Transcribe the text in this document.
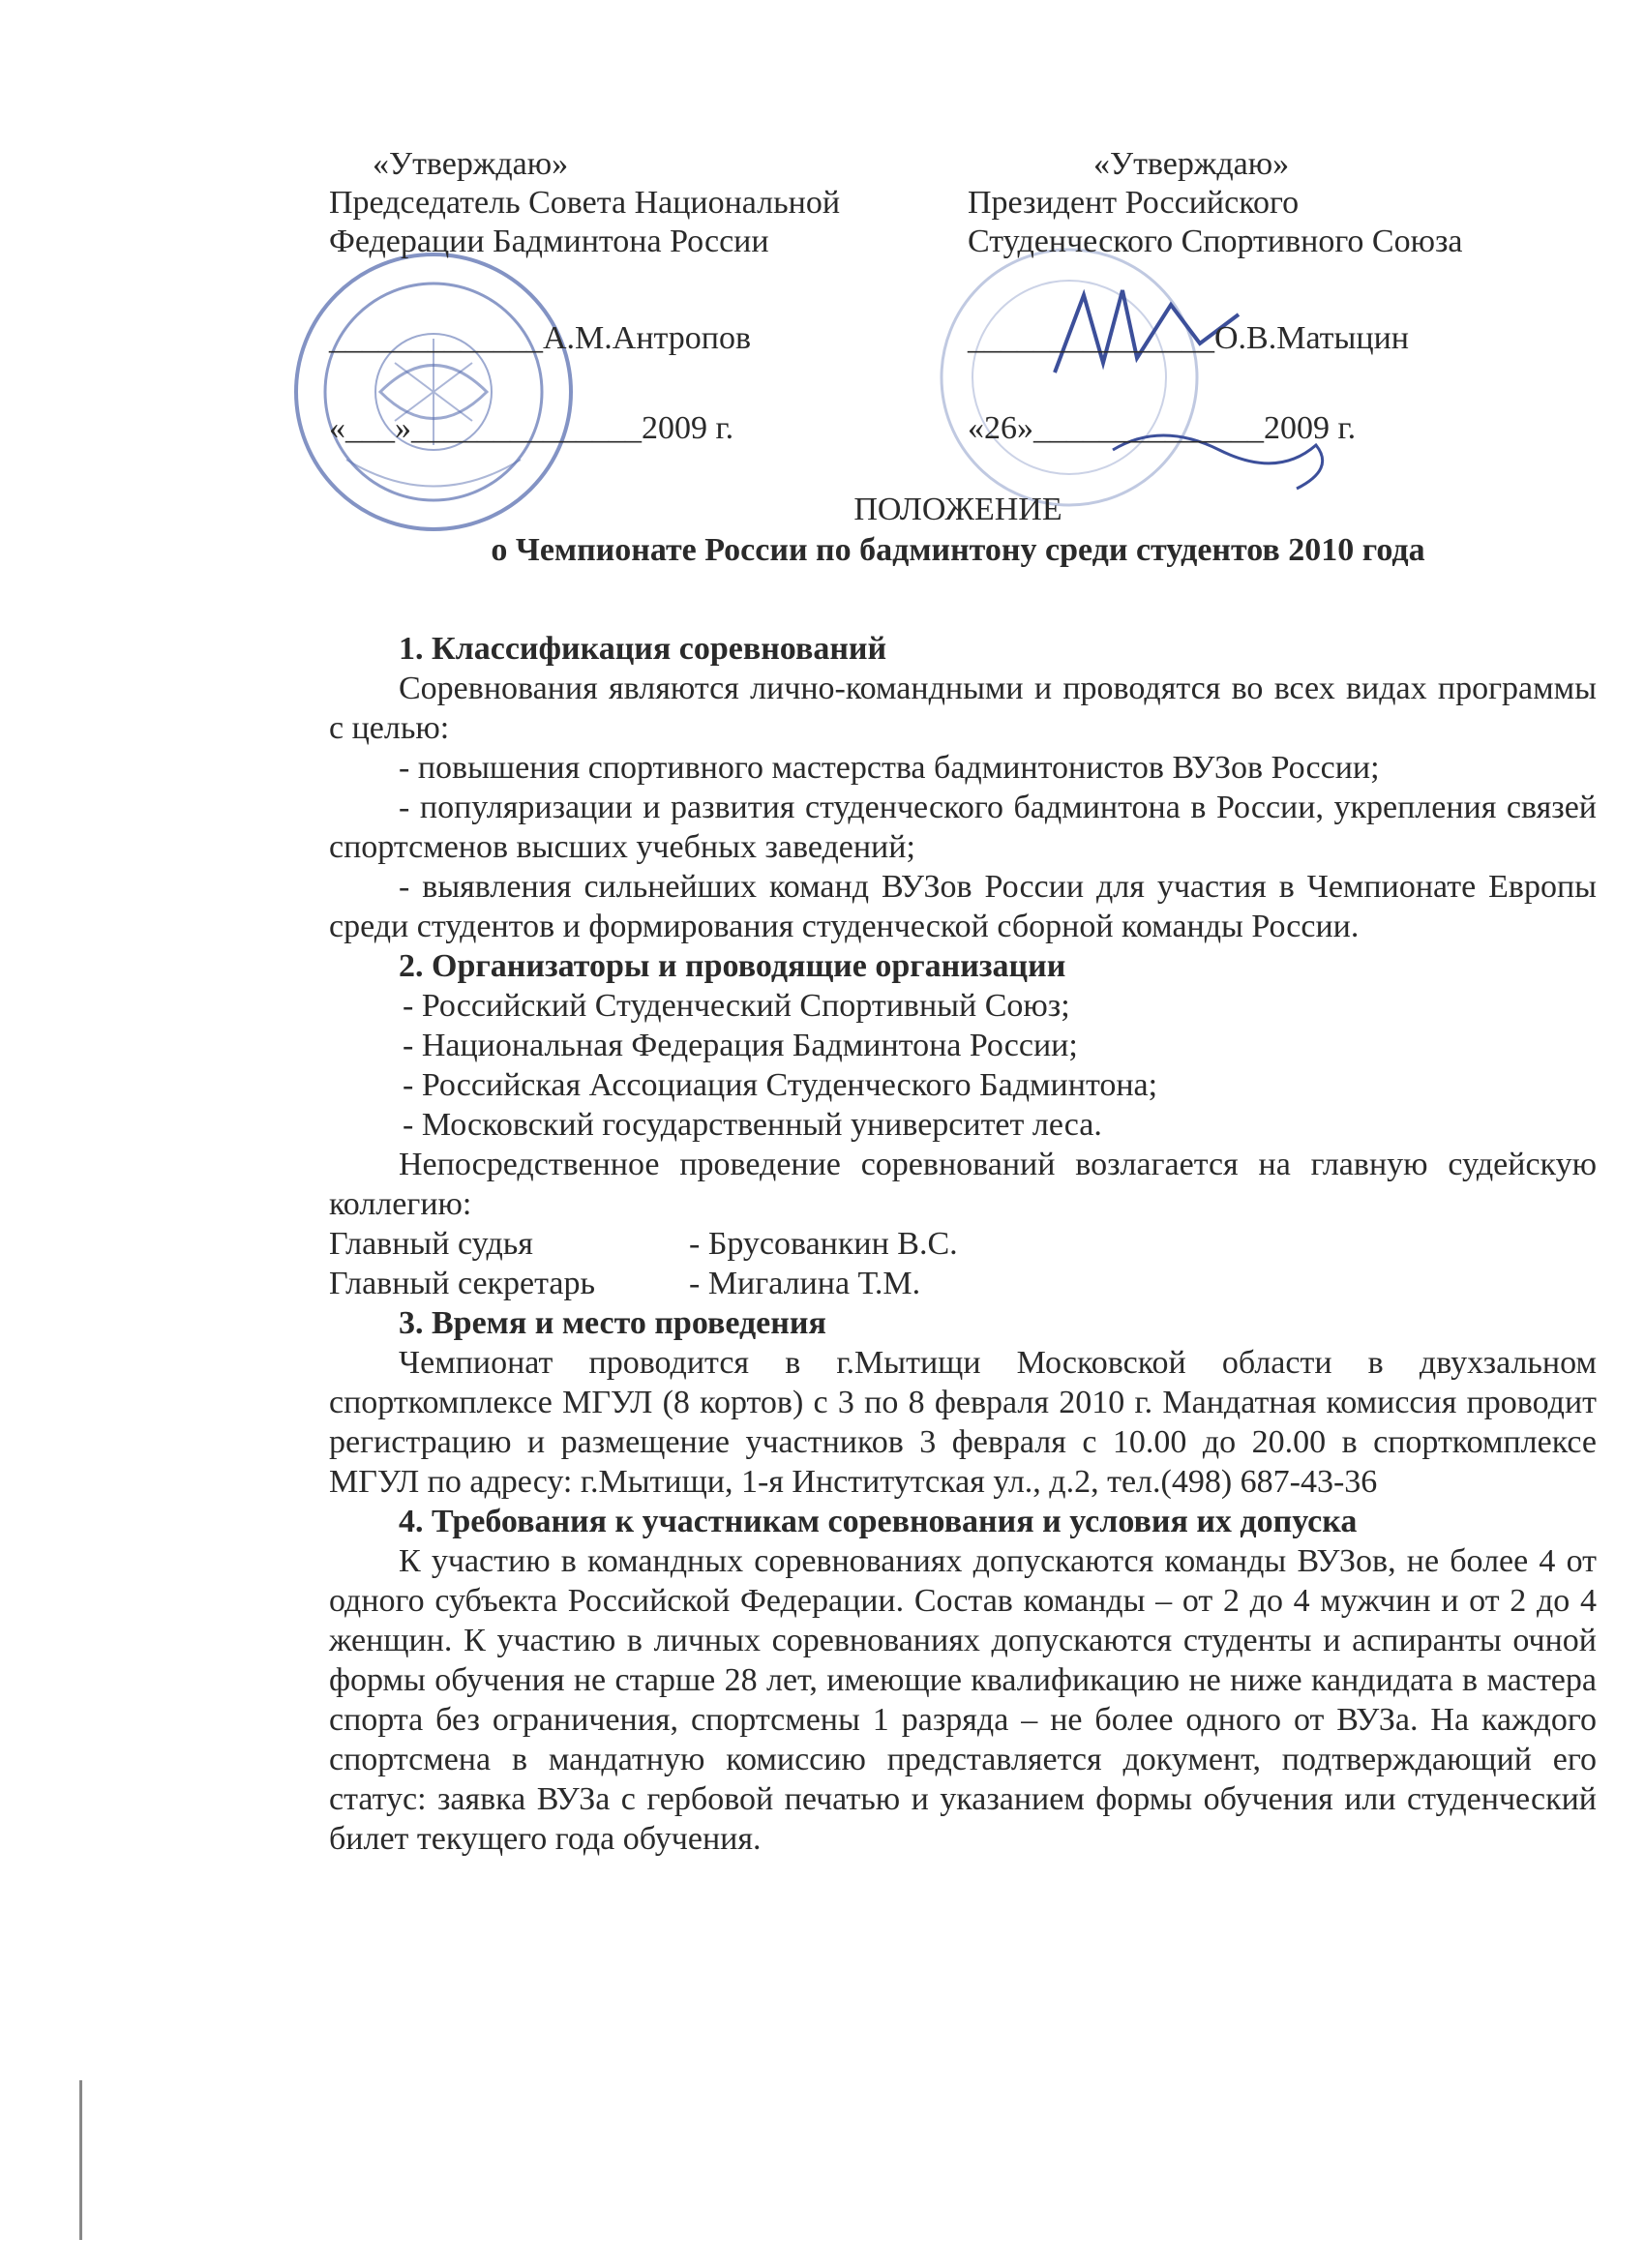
«Утверждаю»
Председатель Совета Национальной
Федерации Бадминтона России
_____________А.М.Антропов
«___»______________2009 г.
«Утверждаю»
Президент Российского
Студенческого Спортивного Союза
_______________О.В.Матыцин
«26»______________2009 г.
ПОЛОЖЕНИЕ
о Чемпионате России по бадминтону среди студентов 2010 года
1. Классификация соревнований

Соревнования являются лично-командными и проводятся во всех видах программы с целью:

- повышения спортивного мастерства бадминтонистов ВУЗов России;

- популяризации и развития студенческого бадминтона в России, укрепления связей спортсменов высших учебных заведений;

- выявления сильнейших команд ВУЗов России для участия в Чемпионате Европы среди студентов и формирования студенческой сборной команды России.

2. Организаторы и проводящие организации

- Российский Студенческий Спортивный Союз;

- Национальная Федерация Бадминтона России;

- Российская Ассоциация Студенческого Бадминтона;

- Московский государственный университет леса.

Непосредственное проведение соревнований возлагается на главную судейскую коллегию:

Главный судья	- Брусованкин В.С.
Главный секретарь	- Мигалина Т.М.
3. Время и место проведения

Чемпионат проводится в г.Мытищи Московской области в двухзальном спорткомплексе МГУЛ (8 кортов) с 3 по 8 февраля 2010 г. Мандатная комиссия проводит регистрацию и размещение участников 3 февраля с 10.00 до 20.00 в спорткомплексе МГУЛ по адресу: г.Мытищи, 1-я Институтская ул., д.2, тел.(498) 687-43-36

4. Требования к участникам соревнования и условия их допуска

К участию в командных соревнованиях допускаются команды ВУЗов, не более 4 от одного субъекта Российской Федерации. Состав команды – от 2 до 4 мужчин и от 2 до 4 женщин. К участию в личных соревнованиях допускаются студенты и аспиранты очной формы обучения не старше 28 лет, имеющие квалификацию не ниже кандидата в мастера спорта без ограничения, спортсмены 1 разряда – не более одного от ВУЗа. На каждого спортсмена в мандатную комиссию представляется документ, подтверждающий его статус: заявка ВУЗа с гербовой печатью и указанием формы обучения или студенческий билет текущего года обучения.
